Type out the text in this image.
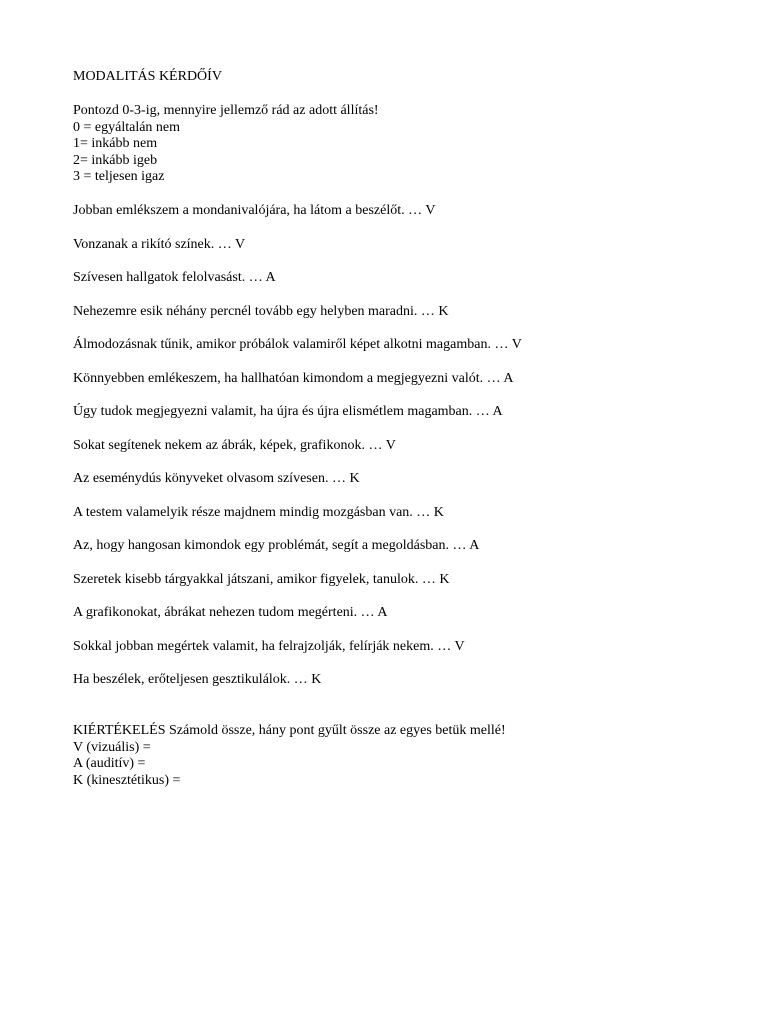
MODALITÁS KÉRDŐÍV
Pontozd 0-3-ig, mennyire jellemző rád az adott állítás!
0 = egyáltalán nem
1= inkább nem
2= inkább igeb
3 = teljesen igaz
Jobban emlékszem a mondanivalójára, ha látom a beszélőt. … V
Vonzanak a rikító színek. … V
Szívesen hallgatok felolvasást. … A
Nehezemre esik néhány percnél tovább egy helyben maradni. … K
Álmodozásnak tűnik, amikor próbálok valamiről képet alkotni magamban. … V
Könnyebben emlékeszem, ha hallhatóan kimondom a megjegyezni valót. … A
Úgy tudok megjegyezni valamit, ha újra és újra elismétlem magamban. … A
Sokat segítenek nekem az ábrák, képek, grafikonok. … V
Az eseménydús könyveket olvasom szívesen. … K
A testem valamelyik része majdnem mindig mozgásban van. … K
Az, hogy hangosan kimondok egy problémát, segít a megoldásban. … A
Szeretek kisebb tárgyakkal játszani, amikor figyelek, tanulok. … K
A grafikonokat, ábrákat nehezen tudom megérteni. … A
Sokkal jobban megértek valamit, ha felrajzolják, felírják nekem. … V
Ha beszélek, erőteljesen gesztikulálok. … K
KIÉRTÉKELÉS Számold össze, hány pont gyűlt össze az egyes betük mellé!
V (vizuális) =
A (auditív) =
K (kinesztétikus) =
